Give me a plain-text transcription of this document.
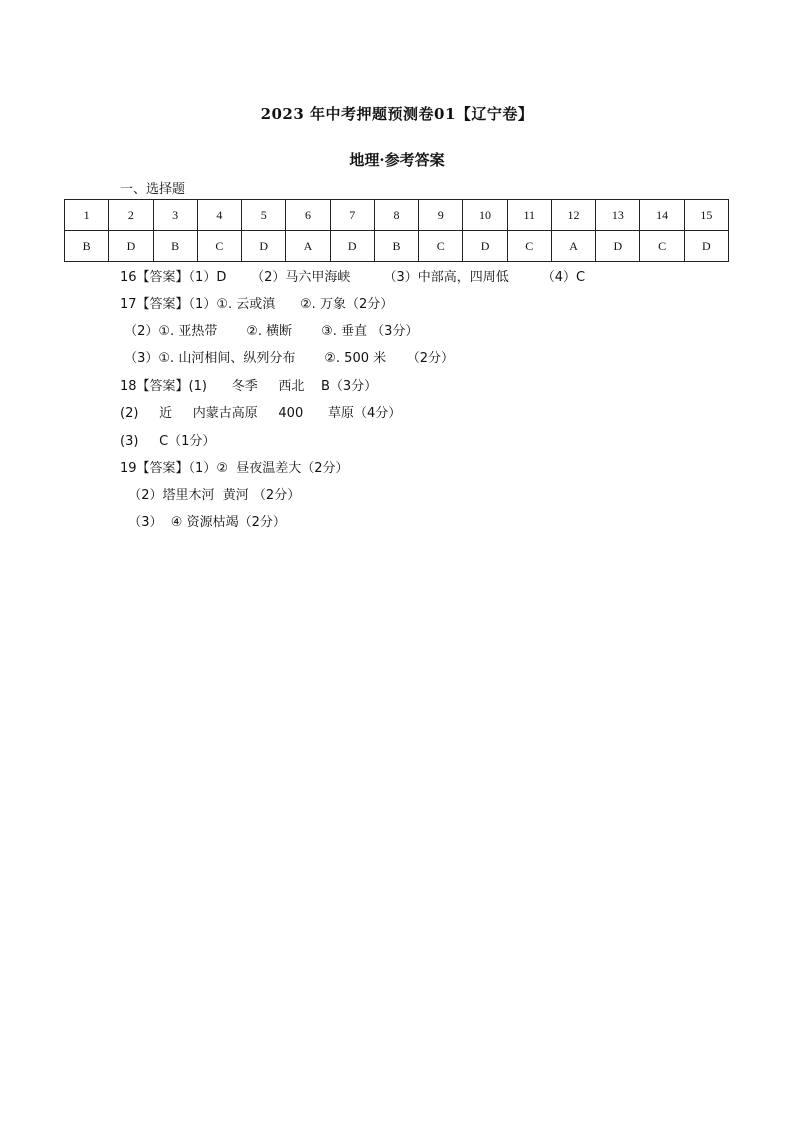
2023 年中考押题预测卷01【辽宁卷】
地理·参考答案
一、选择题
1	2	3	4	5	6	7	8	9	10	11	12	13	14	15
B	D	B	C	D	A	D	B	C	D	C	A	D	C	D
16【答案】（1）D      （2）马六甲海峡        （3）中部高，四周低        （4）C
17【答案】（1）①. 云或滇      ②. 万象（2分）
（2）①. 亚热带       ②. 横断       ③. 垂直 （3分）
（3）①. 山河相间、纵列分布       ②. 500 米     （2分）
18【答案】(1)      冬季     西北    B（3分）
(2)     近     内蒙古高原     400      草原（4分）
(3)     C（1分）
19【答案】（1）②  昼夜温差大（2分）
（2）塔里木河  黄河 （2分）
（3）  ④ 资源枯竭（2分）
